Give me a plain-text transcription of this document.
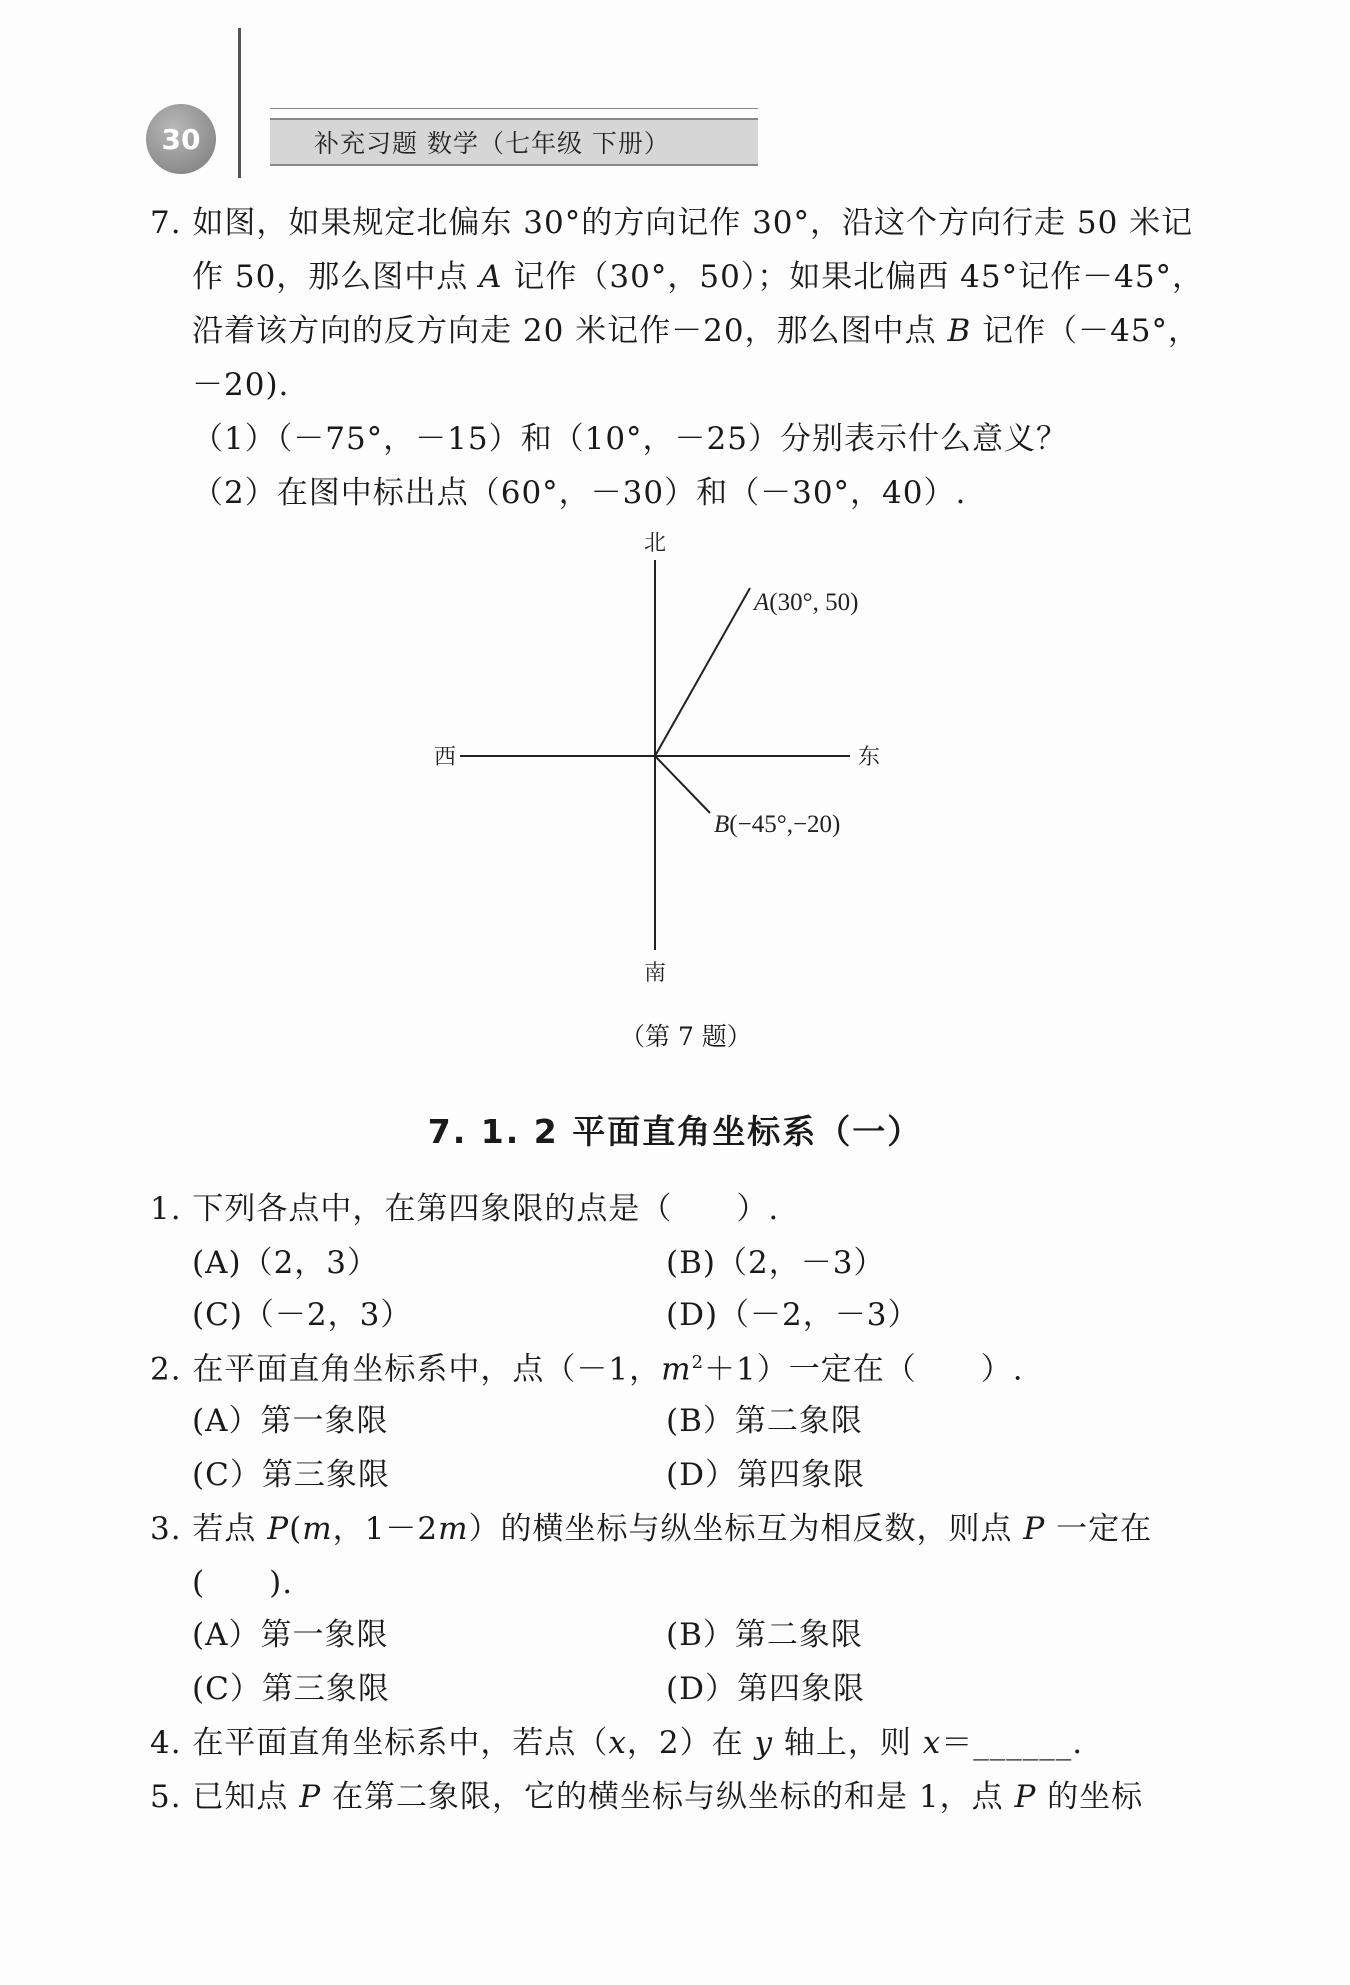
30	补充习题 数学（七年级 下册）
7. 如图，如果规定北偏东 30°的方向记作 30°，沿这个方向行走 50 米记
作 50，那么图中点 A 记作（30°，50）；如果北偏西 45°记作－45°，
沿着该方向的反方向走 20 米记作－20，那么图中点 B 记作（－45°，
－20).
（1）（－75°，－15）和（10°，－25）分别表示什么意义？
（2）在图中标出点（60°，－30）和（－30°，40）.
北
南
西	东
A(30°, 50)
B(−45°,−20)
（第 7 题）
7. 1. 2 平面直角坐标系（一）
1. 下列各点中，在第四象限的点是（　　）.
(A)（2，3）	(B)（2，－3）
(C)（－2，3）	(D)（－2，－3）
2. 在平面直角坐标系中，点（－1，$m^2+1$）一定在（　　）.
(A）第一象限	(B）第二象限
(C）第三象限	(D）第四象限
3. 若点 P(m，1－2m）的横坐标与纵坐标互为相反数，则点 P 一定在
(　　).
(A）第一象限	(B）第二象限
(C）第三象限	(D）第四象限
4. 在平面直角坐标系中，若点（x，2）在 y 轴上，则 x＝______.
5. 已知点 P 在第二象限，它的横坐标与纵坐标的和是 1，点 P 的坐标
